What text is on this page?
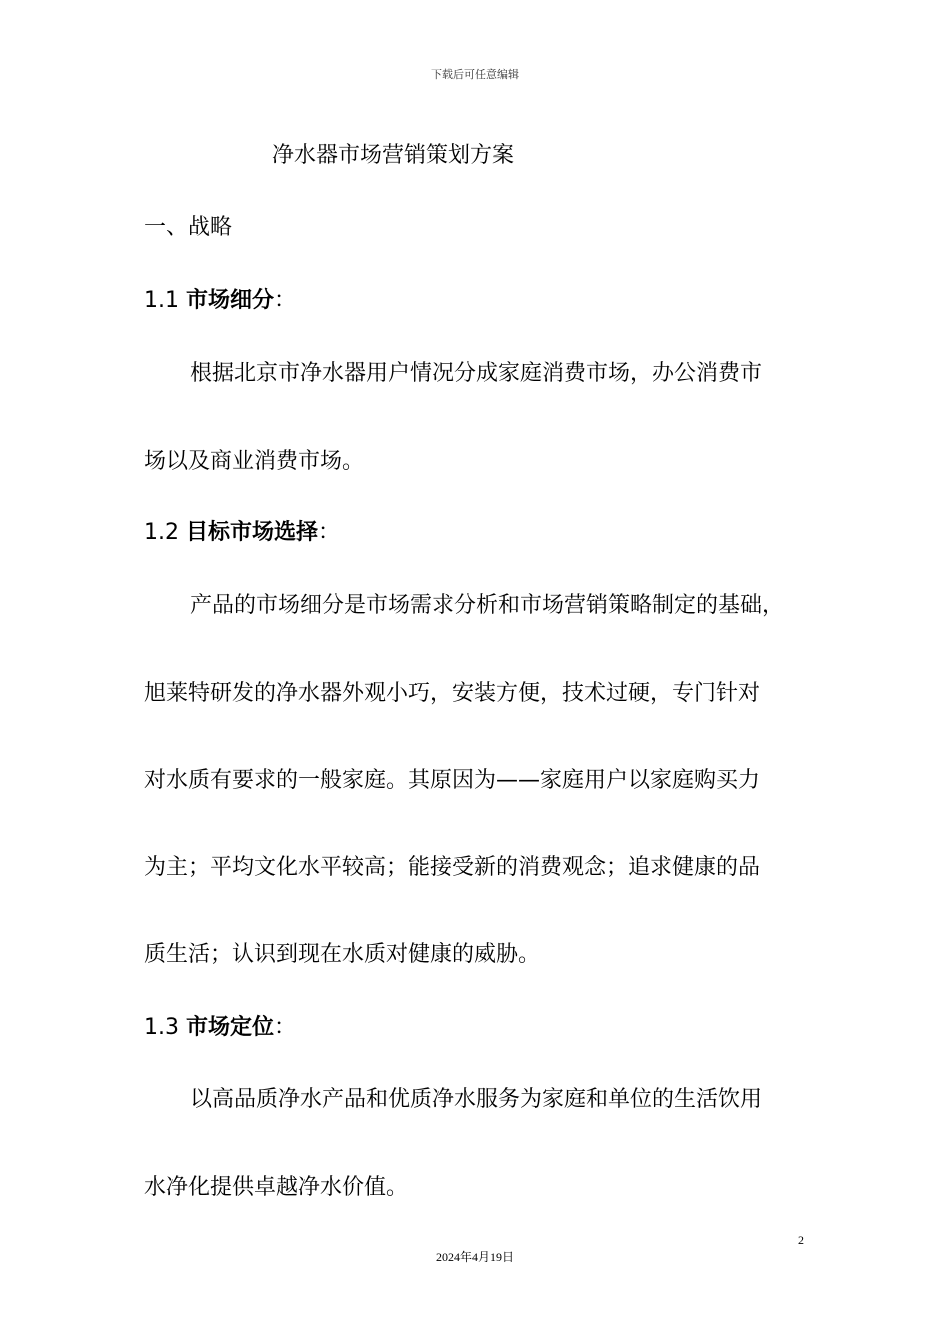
下载后可任意编辑
净水器市场营销策划方案
一、战略
1.1 市场细分：
根据北京市净水器用户情况分成家庭消费市场，办公消费市
场以及商业消费市场。
1.2 目标市场选择：
产品的市场细分是市场需求分析和市场营销策略制定的基础，
旭莱特研发的净水器外观小巧，安装方便，技术过硬，专门针对
对水质有要求的一般家庭。其原因为——家庭用户以家庭购买力
为主；平均文化水平较高；能接受新的消费观念；追求健康的品
质生活；认识到现在水质对健康的威胁。
1.3 市场定位：
以高品质净水产品和优质净水服务为家庭和单位的生活饮用
水净化提供卓越净水价值。
2
2024年4月19日
